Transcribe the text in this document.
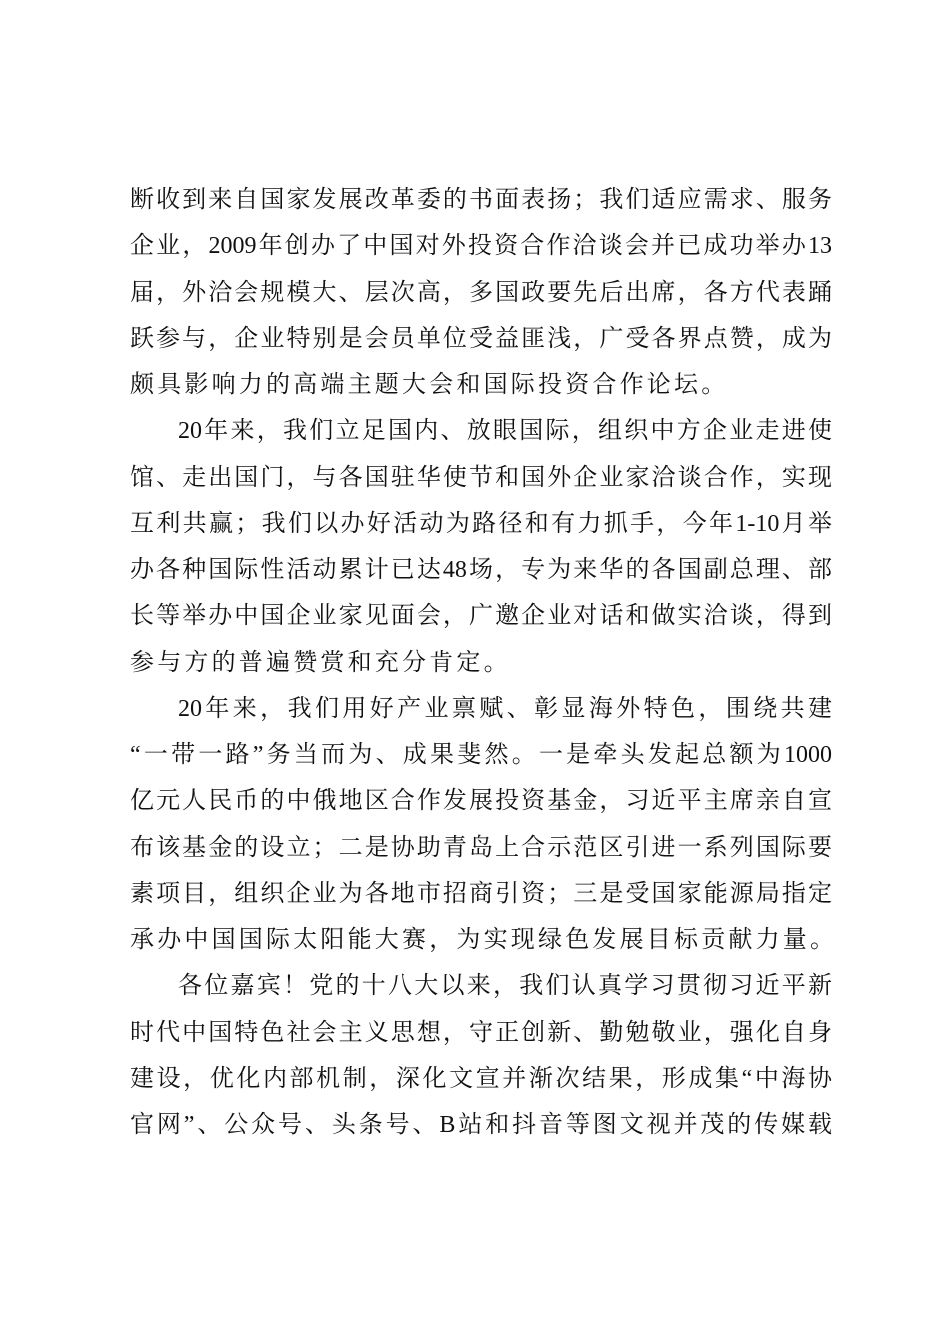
断收到来自国家发展改革委的书面表扬；我们适应需求、服务
企业，2009年创办了中国对外投资合作洽谈会并已成功举办13
届，外洽会规模大、层次高，多国政要先后出席，各方代表踊
跃参与，企业特别是会员单位受益匪浅，广受各界点赞，成为
颇具影响力的高端主题大会和国际投资合作论坛。
20年来，我们立足国内、放眼国际，组织中方企业走进使
馆、走出国门，与各国驻华使节和国外企业家洽谈合作，实现
互利共赢；我们以办好活动为路径和有力抓手，今年1-10月举
办各种国际性活动累计已达48场，专为来华的各国副总理、部
长等举办中国企业家见面会，广邀企业对话和做实洽谈，得到
参与方的普遍赞赏和充分肯定。
20年来，我们用好产业禀赋、彰显海外特色，围绕共建
“一带一路”务当而为、成果斐然。一是牵头发起总额为1000
亿元人民币的中俄地区合作发展投资基金，习近平主席亲自宣
布该基金的设立；二是协助青岛上合示范区引进一系列国际要
素项目，组织企业为各地市招商引资；三是受国家能源局指定
承办中国国际太阳能大赛，为实现绿色发展目标贡献力量。
各位嘉宾！党的十八大以来，我们认真学习贯彻习近平新
时代中国特色社会主义思想，守正创新、勤勉敬业，强化自身
建设，优化内部机制，深化文宣并渐次结果，形成集“中海协
官网”、公众号、头条号、B站和抖音等图文视并茂的传媒载
